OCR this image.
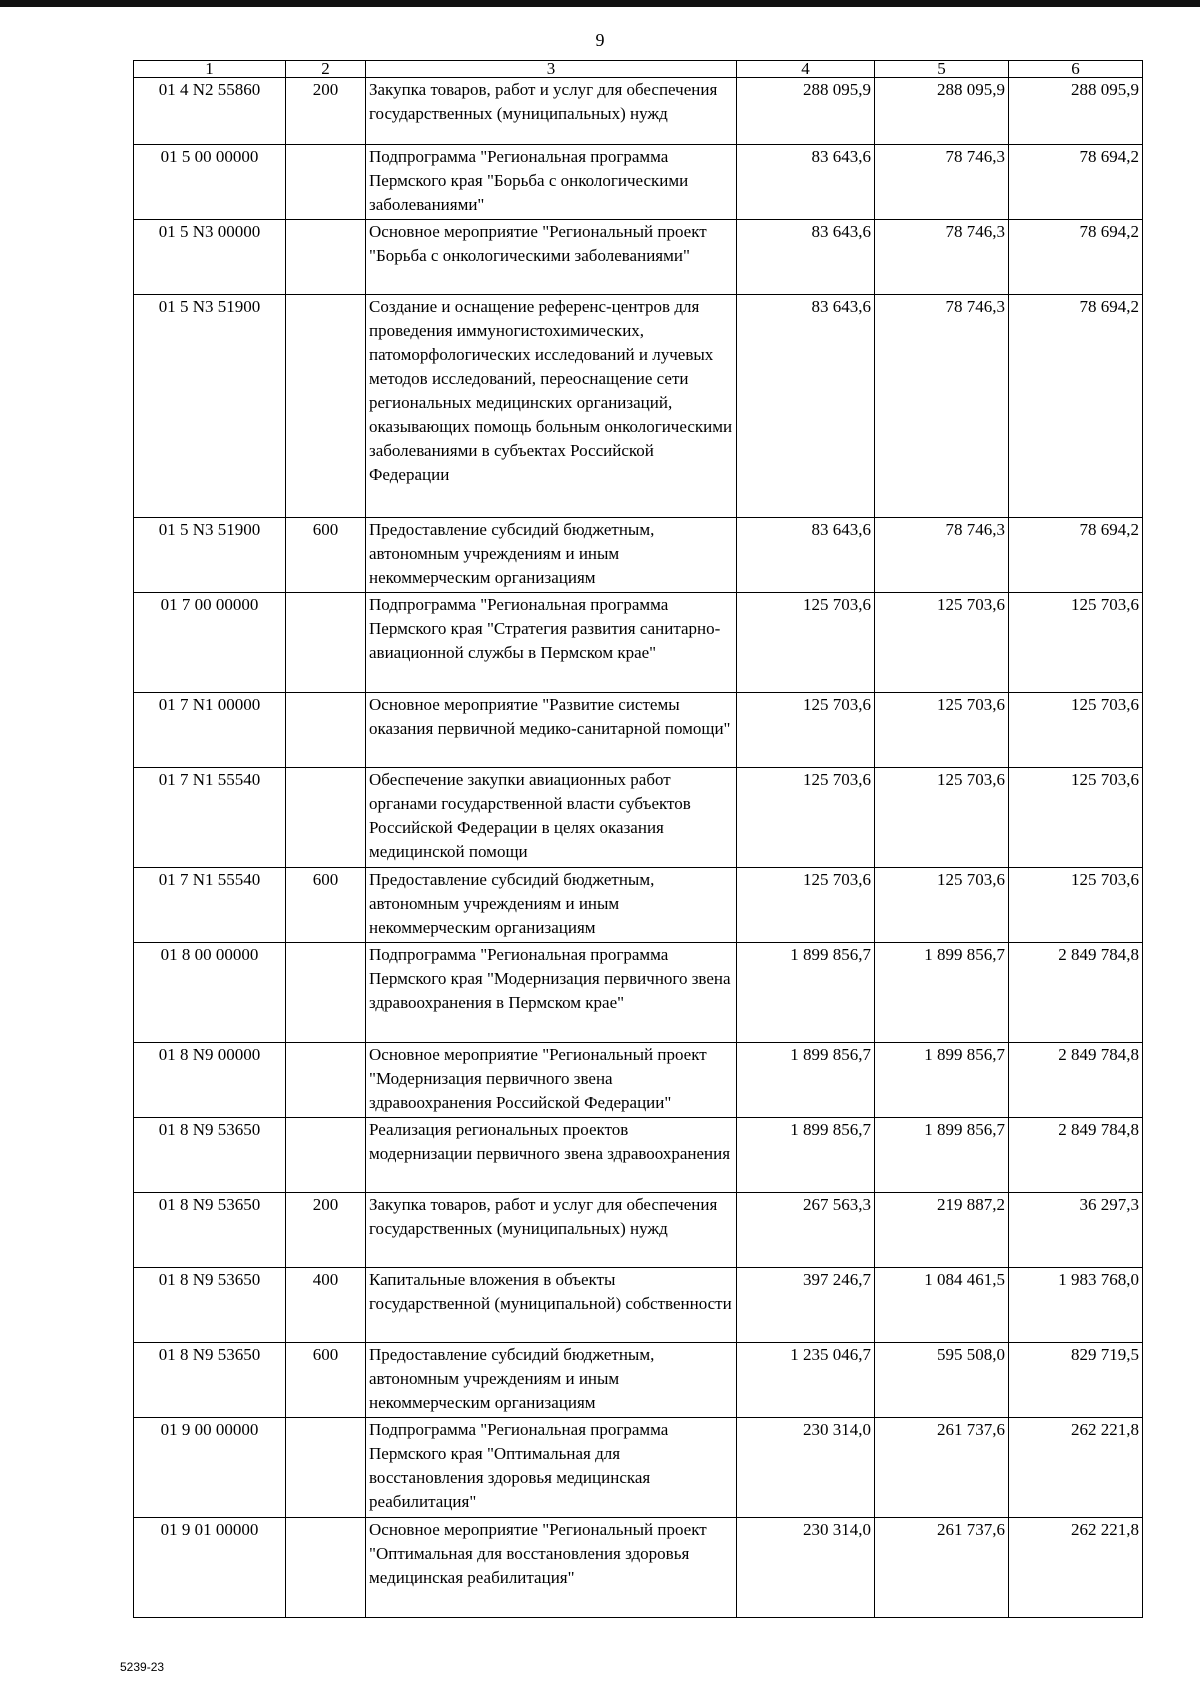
9
1	2	3	4	5	6
01 4 N2 55860	200	Закупка товаров, работ и услуг для обеспечения государственных (муниципальных) нужд	288 095,9	288 095,9	288 095,9
01 5 00 00000		Подпрограмма "Региональная программа Пермского края "Борьба с онкологическими заболеваниями"	83 643,6	78 746,3	78 694,2
01 5 N3 00000		Основное мероприятие "Региональный проект "Борьба с онкологическими заболеваниями"	83 643,6	78 746,3	78 694,2
01 5 N3 51900		Создание и оснащение референс-центров для проведения иммуногистохимических, патоморфологических исследований и лучевых методов исследований, переоснащение сети региональных медицинских организаций, оказывающих помощь больным онкологическими заболеваниями в субъектах Российской Федерации	83 643,6	78 746,3	78 694,2
01 5 N3 51900	600	Предоставление субсидий бюджетным, автономным учреждениям и иным некоммерческим организациям	83 643,6	78 746,3	78 694,2
01 7 00 00000		Подпрограмма "Региональная программа Пермского края "Стратегия развития санитарно-авиационной службы в Пермском крае"	125 703,6	125 703,6	125 703,6
01 7 N1 00000		Основное мероприятие "Развитие системы оказания первичной медико-санитарной помощи"	125 703,6	125 703,6	125 703,6
01 7 N1 55540		Обеспечение закупки авиационных работ органами государственной власти субъектов Российской Федерации в целях оказания медицинской помощи	125 703,6	125 703,6	125 703,6
01 7 N1 55540	600	Предоставление субсидий бюджетным, автономным учреждениям и иным некоммерческим организациям	125 703,6	125 703,6	125 703,6
01 8 00 00000		Подпрограмма "Региональная программа Пермского края "Модернизация первичного звена здравоохранения в Пермском крае"	1 899 856,7	1 899 856,7	2 849 784,8
01 8 N9 00000		Основное мероприятие "Региональный проект "Модернизация первичного звена здравоохранения Российской Федерации"	1 899 856,7	1 899 856,7	2 849 784,8
01 8 N9 53650		Реализация региональных проектов модернизации первичного звена здравоохранения	1 899 856,7	1 899 856,7	2 849 784,8
01 8 N9 53650	200	Закупка товаров, работ и услуг для обеспечения государственных (муниципальных) нужд	267 563,3	219 887,2	36 297,3
01 8 N9 53650	400	Капитальные вложения в объекты государственной (муниципальной) собственности	397 246,7	1 084 461,5	1 983 768,0
01 8 N9 53650	600	Предоставление субсидий бюджетным, автономным учреждениям и иным некоммерческим организациям	1 235 046,7	595 508,0	829 719,5
01 9 00 00000		Подпрограмма "Региональная программа Пермского края "Оптимальная для восстановления здоровья медицинская реабилитация"	230 314,0	261 737,6	262 221,8
01 9 01 00000		Основное мероприятие "Региональный проект "Оптимальная для восстановления здоровья медицинская реабилитация"	230 314,0	261 737,6	262 221,8
5239-23
